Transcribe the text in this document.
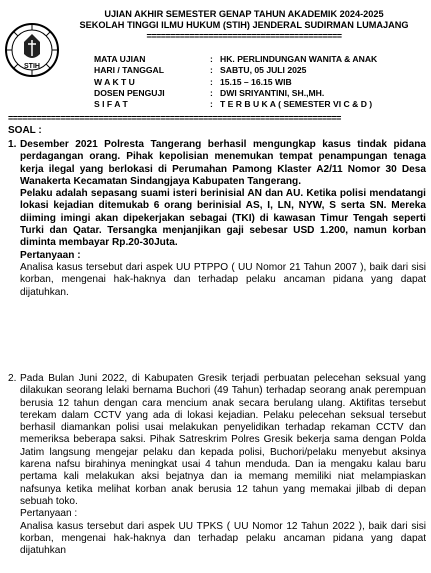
STIH
UJIAN AKHIR SEMESTER GENAP TAHUN AKADEMIK 2024-2025
SEKOLAH TINGGI ILMU HUKUM (STIH) JENDERAL SUDIRMAN LUMAJANG
=========================================
MATA UJIAN	:	HK. PERLINDUNGAN WANITA & ANAK
HARI / TANGGAL	:	SABTU, 05 JULI 2025
W A K T U	:	15.15 – 16.15 WIB
DOSEN PENGUJI	:	DWI SRIYANTINI, SH.,MH.
S I F A T	:	T E R B U K A ( SEMESTER VI C & D )
======================================================================
SOAL :
1. Desember 2021 Polresta Tangerang berhasil mengungkap kasus tindak pidana perdagangan orang. Pihak kepolisian menemukan tempat penampungan tenaga kerja ilegal yang berlokasi di Perumahan Pamong Klaster A2/11 Nomor 30 Desa Wanakerta Kecamatan Sindangjaya Kabupaten Tangerang.

Pelaku adalah sepasang suami isteri berinisial AN dan AU. Ketika polisi mendatangi lokasi kejadian ditemukab 6 orang berinisial AS, I, LN, NYW, S serta SN. Mereka diiming imingi akan dipekerjakan sebagai (TKI) di kawasan Timur Tengah seperti Turki dan Qatar. Tersangka menjanjikan gaji sebesar USD 1.200, namun korban diminta membayar Rp.20-30Juta.

Pertanyaan :

Analisa kasus tersebut dari aspek UU PTPPO ( UU Nomor 21 Tahun 2007 ), baik dari sisi korban, mengenai hak-haknya dan terhadap pelaku ancaman pidana yang dapat dijatuhkan.

2. Pada Bulan Juni 2022, di Kabupaten Gresik terjadi perbuatan pelecehan seksual yang dilakukan seorang lelaki bernama Buchori (49 Tahun) terhadap seorang anak perempuan berusia 12 tahun dengan cara mencium anak secara berulang ulang. Aktifitas tersebut terekam dalam CCTV yang ada di lokasi kejadian. Pelaku pelecehan seksual tersebut berhasil diamankan polisi usai melakukan penyelidikan terhadap rekaman CCTV dan memeriksa beberapa saksi. Pihak Satreskrim Polres Gresik bekerja sama dengan Polda Jatim langsung mengejar pelaku dan kepada polisi, Buchori/pelaku menyebut aksinya karena nafsu birahinya meningkat usai 4 tahun menduda. Dan ia mengaku kalau baru pertama kali melakukan aksi bejatnya dan ia memang memiliki niat melampiaskan nafsunya ketika melihat korban anak berusia 12 tahun yang memakai jilbab di depan sebuah toko.

Pertanyaan :

Analisa kasus tersebut dari aspek UU TPKS ( UU Nomor 12 Tahun 2022 ), baik dari sisi korban, mengenai hak-haknya dan terhadap pelaku ancaman pidana yang dapat dijatuhkan
